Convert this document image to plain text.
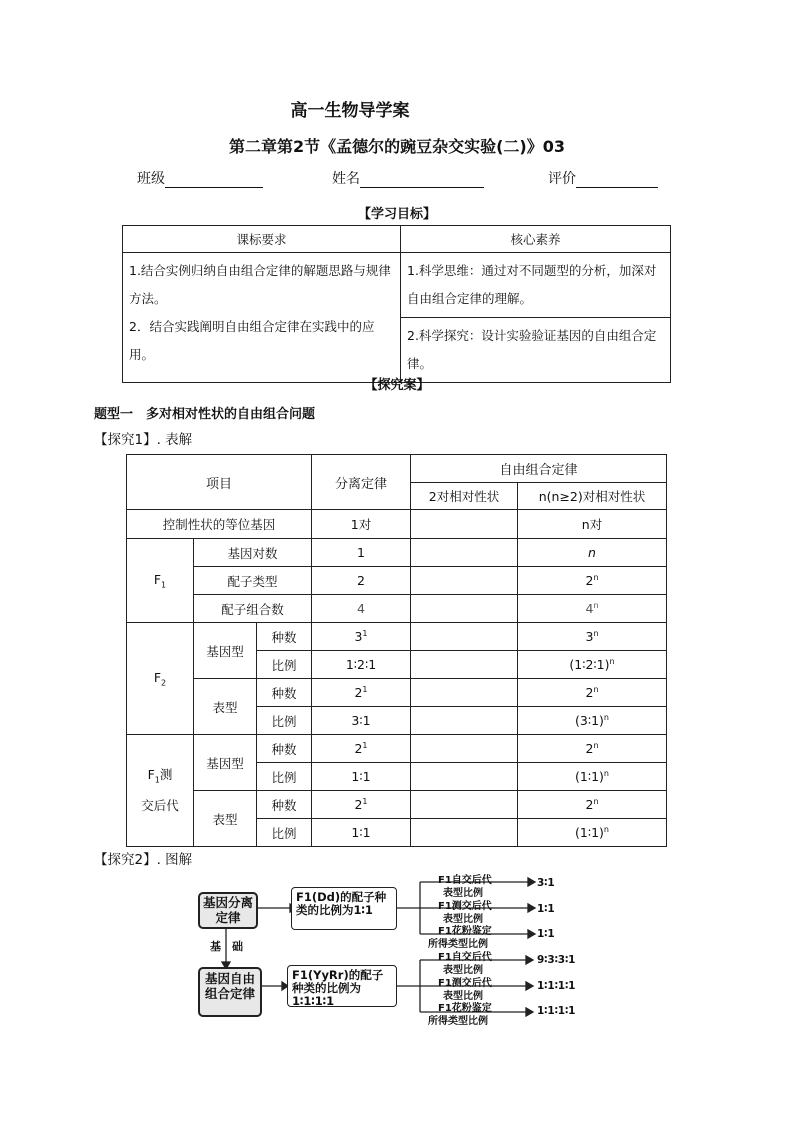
高一生物导学案
第二章第2节《孟德尔的豌豆杂交实验(二)》03
班级	姓名	评价
【学习目标】
课标要求	核心素养

1.结合实例归纳自由组合定律的解题思路与规律方法。
2．结合实践阐明自由组合定律在实践中的应用。	1.科学思维：通过对不同题型的分析，加深对自由组合定律的理解。
	2.科学探究：设计实验验证基因的自由组合定律。
【探究案】
题型一　多对相对性状的自由组合问题
【探究1】. 表解
项目			分离定律	自由组合定律	
				2对相对性状	n(n≥2)对相对性状
控制性状的等位基因			1对		n对
$F_1$	基因对数		1		n
	配子类型		2		2$^n$
	配子组合数		4		4$^n$
$F_2$	基因型	种数	$3^1$		3$^n$
		比例	1∶2∶1		(1∶2∶1)$^n$
	表型	种数	$2^1$		2$^n$
		比例	3∶1		(3∶1)$^n$
$F_1$测
交后代	基因型	种数	$2^1$		2$^n$
		比例	1∶1		(1∶1)$^n$
	表型	种数	$2^1$		2$^n$
		比例	1∶1		(1∶1)$^n$
【探究2】. 图解
基因分离定律
基因自由组合定律
基　础
F1(Dd)的配子种类的比例为1∶1
F1(YyRr)的配子种类的比例为1∶1∶1∶1
F1自交后代
表型比例
3∶1
F1测交后代
表型比例
1∶1
F1花粉鉴定
所得类型比例
1∶1
F1自交后代
表型比例
9∶3∶3∶1
F1测交后代
表型比例
1∶1∶1∶1
F1花粉鉴定
所得类型比例
1∶1∶1∶1
